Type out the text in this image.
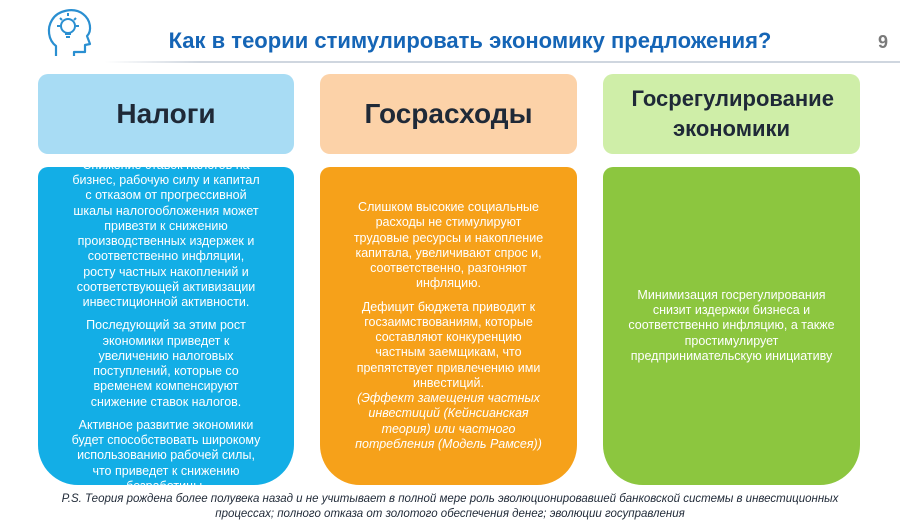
Как в теории стимулировать экономику предложения?	9
Налоги	Госрасходы	Госрегулирование экономики

Снижение ставок налогов на бизнес, рабочую силу и капитал с отказом от прогрессивной шкалы налогообложения может привезти к снижению производственных издержек и соответственно инфляции, росту частных накоплений и соответствующей активизации инвестиционной активности.

Последующий за этим рост экономики приведет к увеличению налоговых поступлений, которые со временем компенсируют снижение ставок налогов.

Активное развитие экономики будет способствовать широкому использованию рабочей силы, что приведет к снижению безработицы.

Слишком высокие социальные расходы не стимулируют трудовые ресурсы и накопление капитала, увеличивают спрос и, соответственно, разгоняют инфляцию.

Дефицит бюджета приводит к госзаимствованиям, которые составляют конкуренцию частным заемщикам, что препятствует привлечению ими инвестиций.

(Эффект замещения частных инвестиций (Кейнсианская теория) или частного потребления (Модель Рамсея))

Минимизация госрегулирования снизит издержки бизнеса и соответственно инфляцию, а также простимулирует предпринимательскую инициативу

P.S. Теория рождена более полувека назад и не учитывает в полной мере роль эволюционировавшей банковской системы в инвестиционных процессах; полного отказа от золотого обеспечения денег; эволюции госуправления
